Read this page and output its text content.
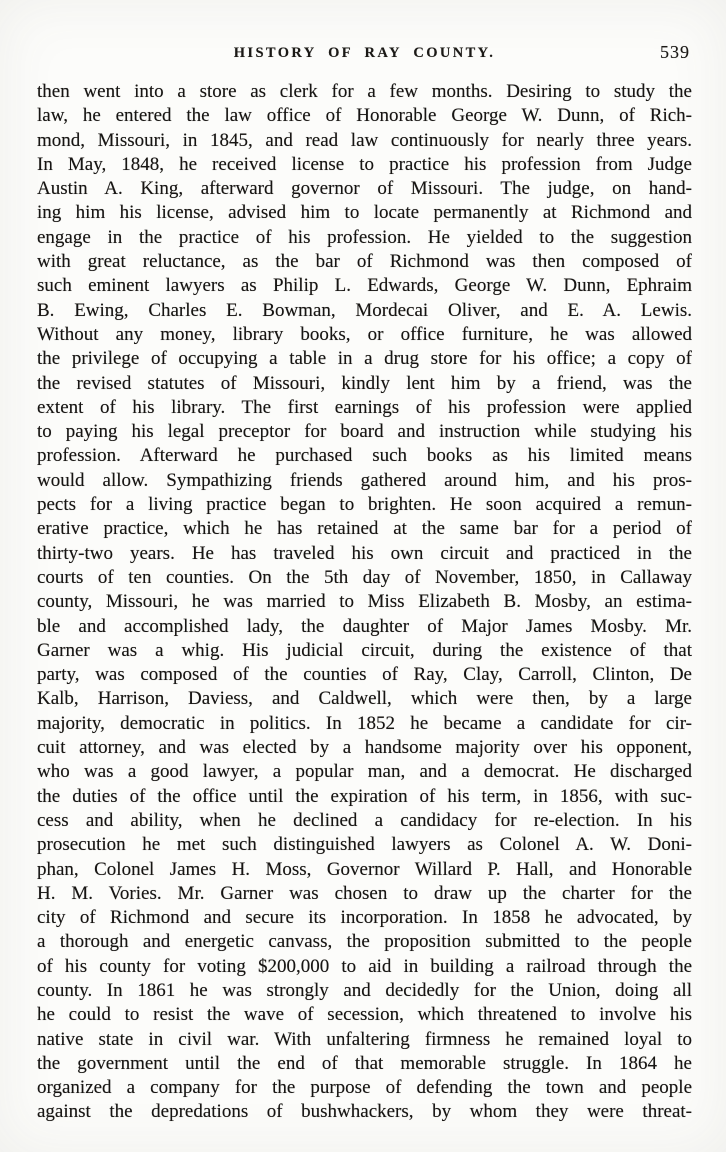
HISTORY OF RAY COUNTY.	539
then went into a store as clerk for a few months. Desiring to study the
law, he entered the law office of Honorable George W. Dunn, of Rich-
mond, Missouri, in 1845, and read law continuously for nearly three years.
In May, 1848, he received license to practice his profession from Judge
Austin A. King, afterward governor of Missouri. The judge, on hand-
ing him his license, advised him to locate permanently at Richmond and
engage in the practice of his profession. He yielded to the suggestion
with great reluctance, as the bar of Richmond was then composed of
such eminent lawyers as Philip L. Edwards, George W. Dunn, Ephraim
B. Ewing, Charles E. Bowman, Mordecai Oliver, and E. A. Lewis.
Without any money, library books, or office furniture, he was allowed
the privilege of occupying a table in a drug store for his office; a copy of
the revised statutes of Missouri, kindly lent him by a friend, was the
extent of his library. The first earnings of his profession were applied
to paying his legal preceptor for board and instruction while studying his
profession. Afterward he purchased such books as his limited means
would allow. Sympathizing friends gathered around him, and his pros-
pects for a living practice began to brighten. He soon acquired a remun-
erative practice, which he has retained at the same bar for a period of
thirty-two years. He has traveled his own circuit and practiced in the
courts of ten counties. On the 5th day of November, 1850, in Callaway
county, Missouri, he was married to Miss Elizabeth B. Mosby, an estima-
ble and accomplished lady, the daughter of Major James Mosby. Mr.
Garner was a whig. His judicial circuit, during the existence of that
party, was composed of the counties of Ray, Clay, Carroll, Clinton, De
Kalb, Harrison, Daviess, and Caldwell, which were then, by a large
majority, democratic in politics. In 1852 he became a candidate for cir-
cuit attorney, and was elected by a handsome majority over his opponent,
who was a good lawyer, a popular man, and a democrat. He discharged
the duties of the office until the expiration of his term, in 1856, with suc-
cess and ability, when he declined a candidacy for re-election. In his
prosecution he met such distinguished lawyers as Colonel A. W. Doni-
phan, Colonel James H. Moss, Governor Willard P. Hall, and Honorable
H. M. Vories. Mr. Garner was chosen to draw up the charter for the
city of Richmond and secure its incorporation. In 1858 he advocated, by
a thorough and energetic canvass, the proposition submitted to the people
of his county for voting $200,000 to aid in building a railroad through the
county. In 1861 he was strongly and decidedly for the Union, doing all
he could to resist the wave of secession, which threatened to involve his
native state in civil war. With unfaltering firmness he remained loyal to
the government until the end of that memorable struggle. In 1864 he
organized a company for the purpose of defending the town and people
against the depredations of bushwhackers, by whom they were threat-
